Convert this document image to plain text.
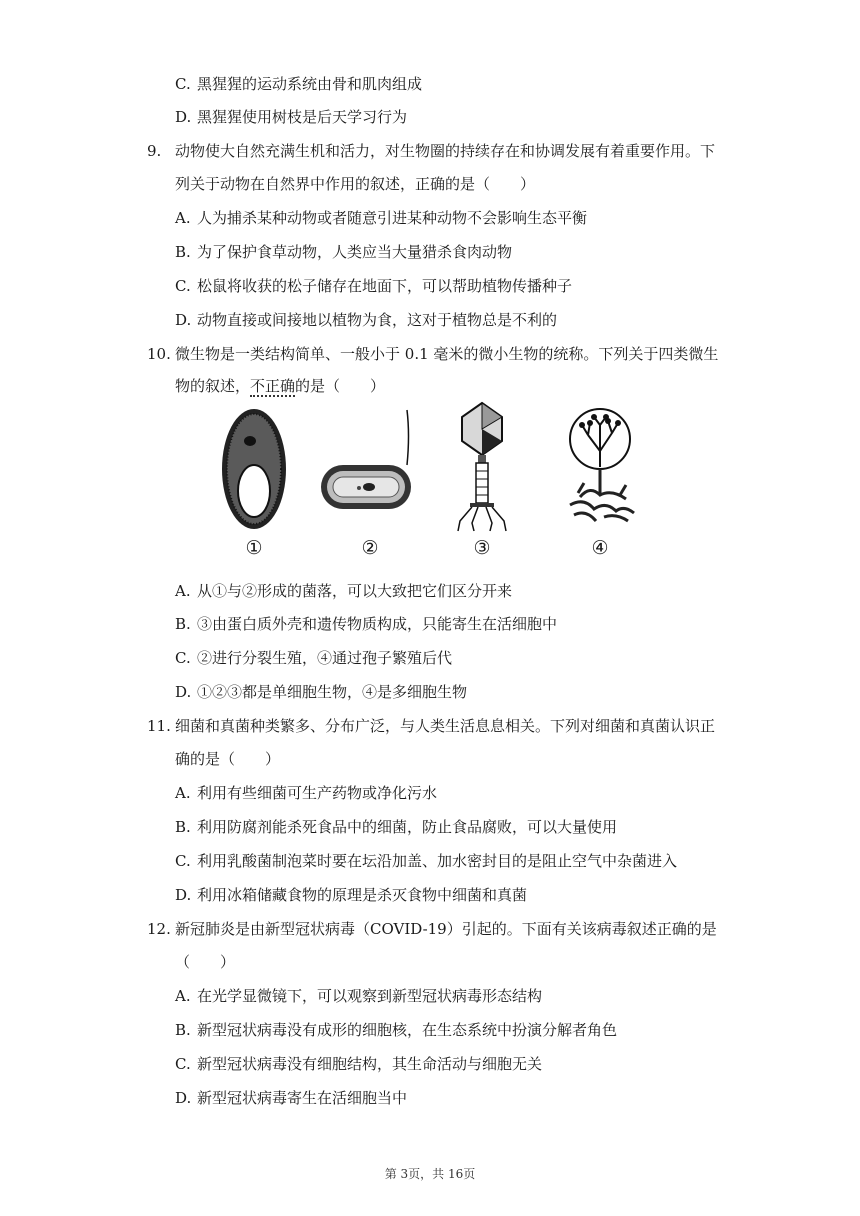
C. 黑猩猩的运动系统由骨和肌肉组成
D. 黑猩猩使用树枝是后天学习行为
9. 动物使大自然充满生机和活力，对生物圈的持续存在和协调发展有着重要作用。下
列关于动物在自然界中作用的叙述，正确的是（　　）
A. 人为捕杀某种动物或者随意引进某种动物不会影响生态平衡
B. 为了保护食草动物，人类应当大量猎杀食肉动物
C. 松鼠将收获的松子储存在地面下，可以帮助植物传播种子
D. 动物直接或间接地以植物为食，这对于植物总是不利的
10. 微生物是一类结构简单、一般小于 0.1 毫米的微小生物的统称。下列关于四类微生
物的叙述，不正确的是（　　）
①	②	③	④
A. 从①与②形成的菌落，可以大致把它们区分开来
B. ③由蛋白质外壳和遗传物质构成，只能寄生在活细胞中
C. ②进行分裂生殖，④通过孢子繁殖后代
D. ①②③都是单细胞生物，④是多细胞生物
11. 细菌和真菌种类繁多、分布广泛，与人类生活息息相关。下列对细菌和真菌认识正
确的是（　　）
A. 利用有些细菌可生产药物或净化污水
B. 利用防腐剂能杀死食品中的细菌，防止食品腐败，可以大量使用
C. 利用乳酸菌制泡菜时要在坛沿加盖、加水密封目的是阻止空气中杂菌进入
D. 利用冰箱储藏食物的原理是杀灭食物中细菌和真菌
12. 新冠肺炎是由新型冠状病毒（COVID-19）引起的。下面有关该病毒叙述正确的是
（　　）
A. 在光学显微镜下，可以观察到新型冠状病毒形态结构
B. 新型冠状病毒没有成形的细胞核，在生态系统中扮演分解者角色
C. 新型冠状病毒没有细胞结构，其生命活动与细胞无关
D. 新型冠状病毒寄生在活细胞当中
第 3页，共 16页
